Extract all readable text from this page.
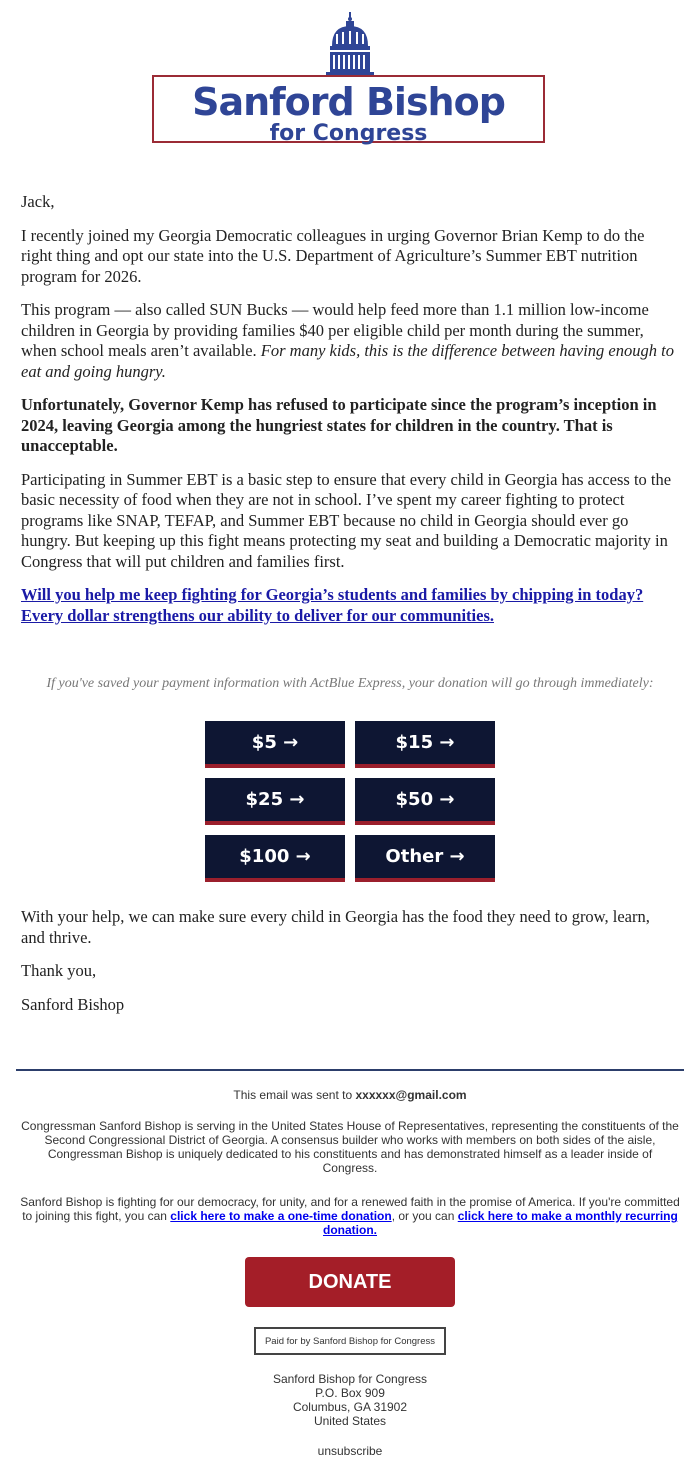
Sanford Bishop
for Congress

Jack,

I recently joined my Georgia Democratic colleagues in urging Governor Brian Kemp to do the right thing and opt our state into the U.S. Department of Agriculture’s Summer EBT nutrition program for 2026.

This program — also called SUN Bucks — would help feed more than 1.1 million low-income children in Georgia by providing families $40 per eligible child per month during the summer, when school meals aren’t available. For many kids, this is the difference between having enough to eat and going hungry.

Unfortunately, Governor Kemp has refused to participate since the program’s inception in 2024, leaving Georgia among the hungriest states for children in the country. That is unacceptable.

Participating in Summer EBT is a basic step to ensure that every child in Georgia has access to the basic necessity of food when they are not in school. I’ve spent my career fighting to protect programs like SNAP, TEFAP, and Summer EBT because no child in Georgia should ever go hungry. But keeping up this fight means protecting my seat and building a Democratic majority in Congress that will put children and families first.

Will you help me keep fighting for Georgia’s students and families by chipping in today? Every dollar strengthens our ability to deliver for our communities.

If you've saved your payment information with ActBlue Express, your donation will go through immediately:
$5 →	$15 →
$25 →	$50 →
$100 →	Other →

With your help, we can make sure every child in Georgia has the food they need to grow, learn, and thrive.

Thank you,

Sanford Bishop

This email was sent to xxxxxx@gmail.com
Congressman Sanford Bishop is serving in the United States House of Representatives, representing the constituents of the Second Congressional District of Georgia. A consensus builder who works with members on both sides of the aisle, Congressman Bishop is uniquely dedicated to his constituents and has demonstrated himself as a leader inside of Congress.
Sanford Bishop is fighting for our democracy, for unity, and for a renewed faith in the promise of America. If you're committed to joining this fight, you can click here to make a one-time donation, or you can click here to make a monthly recurring donation.
DONATE
Paid for by Sanford Bishop for Congress
Sanford Bishop for Congress
P.O. Box 909
Columbus, GA 31902
United States
unsubscribe
